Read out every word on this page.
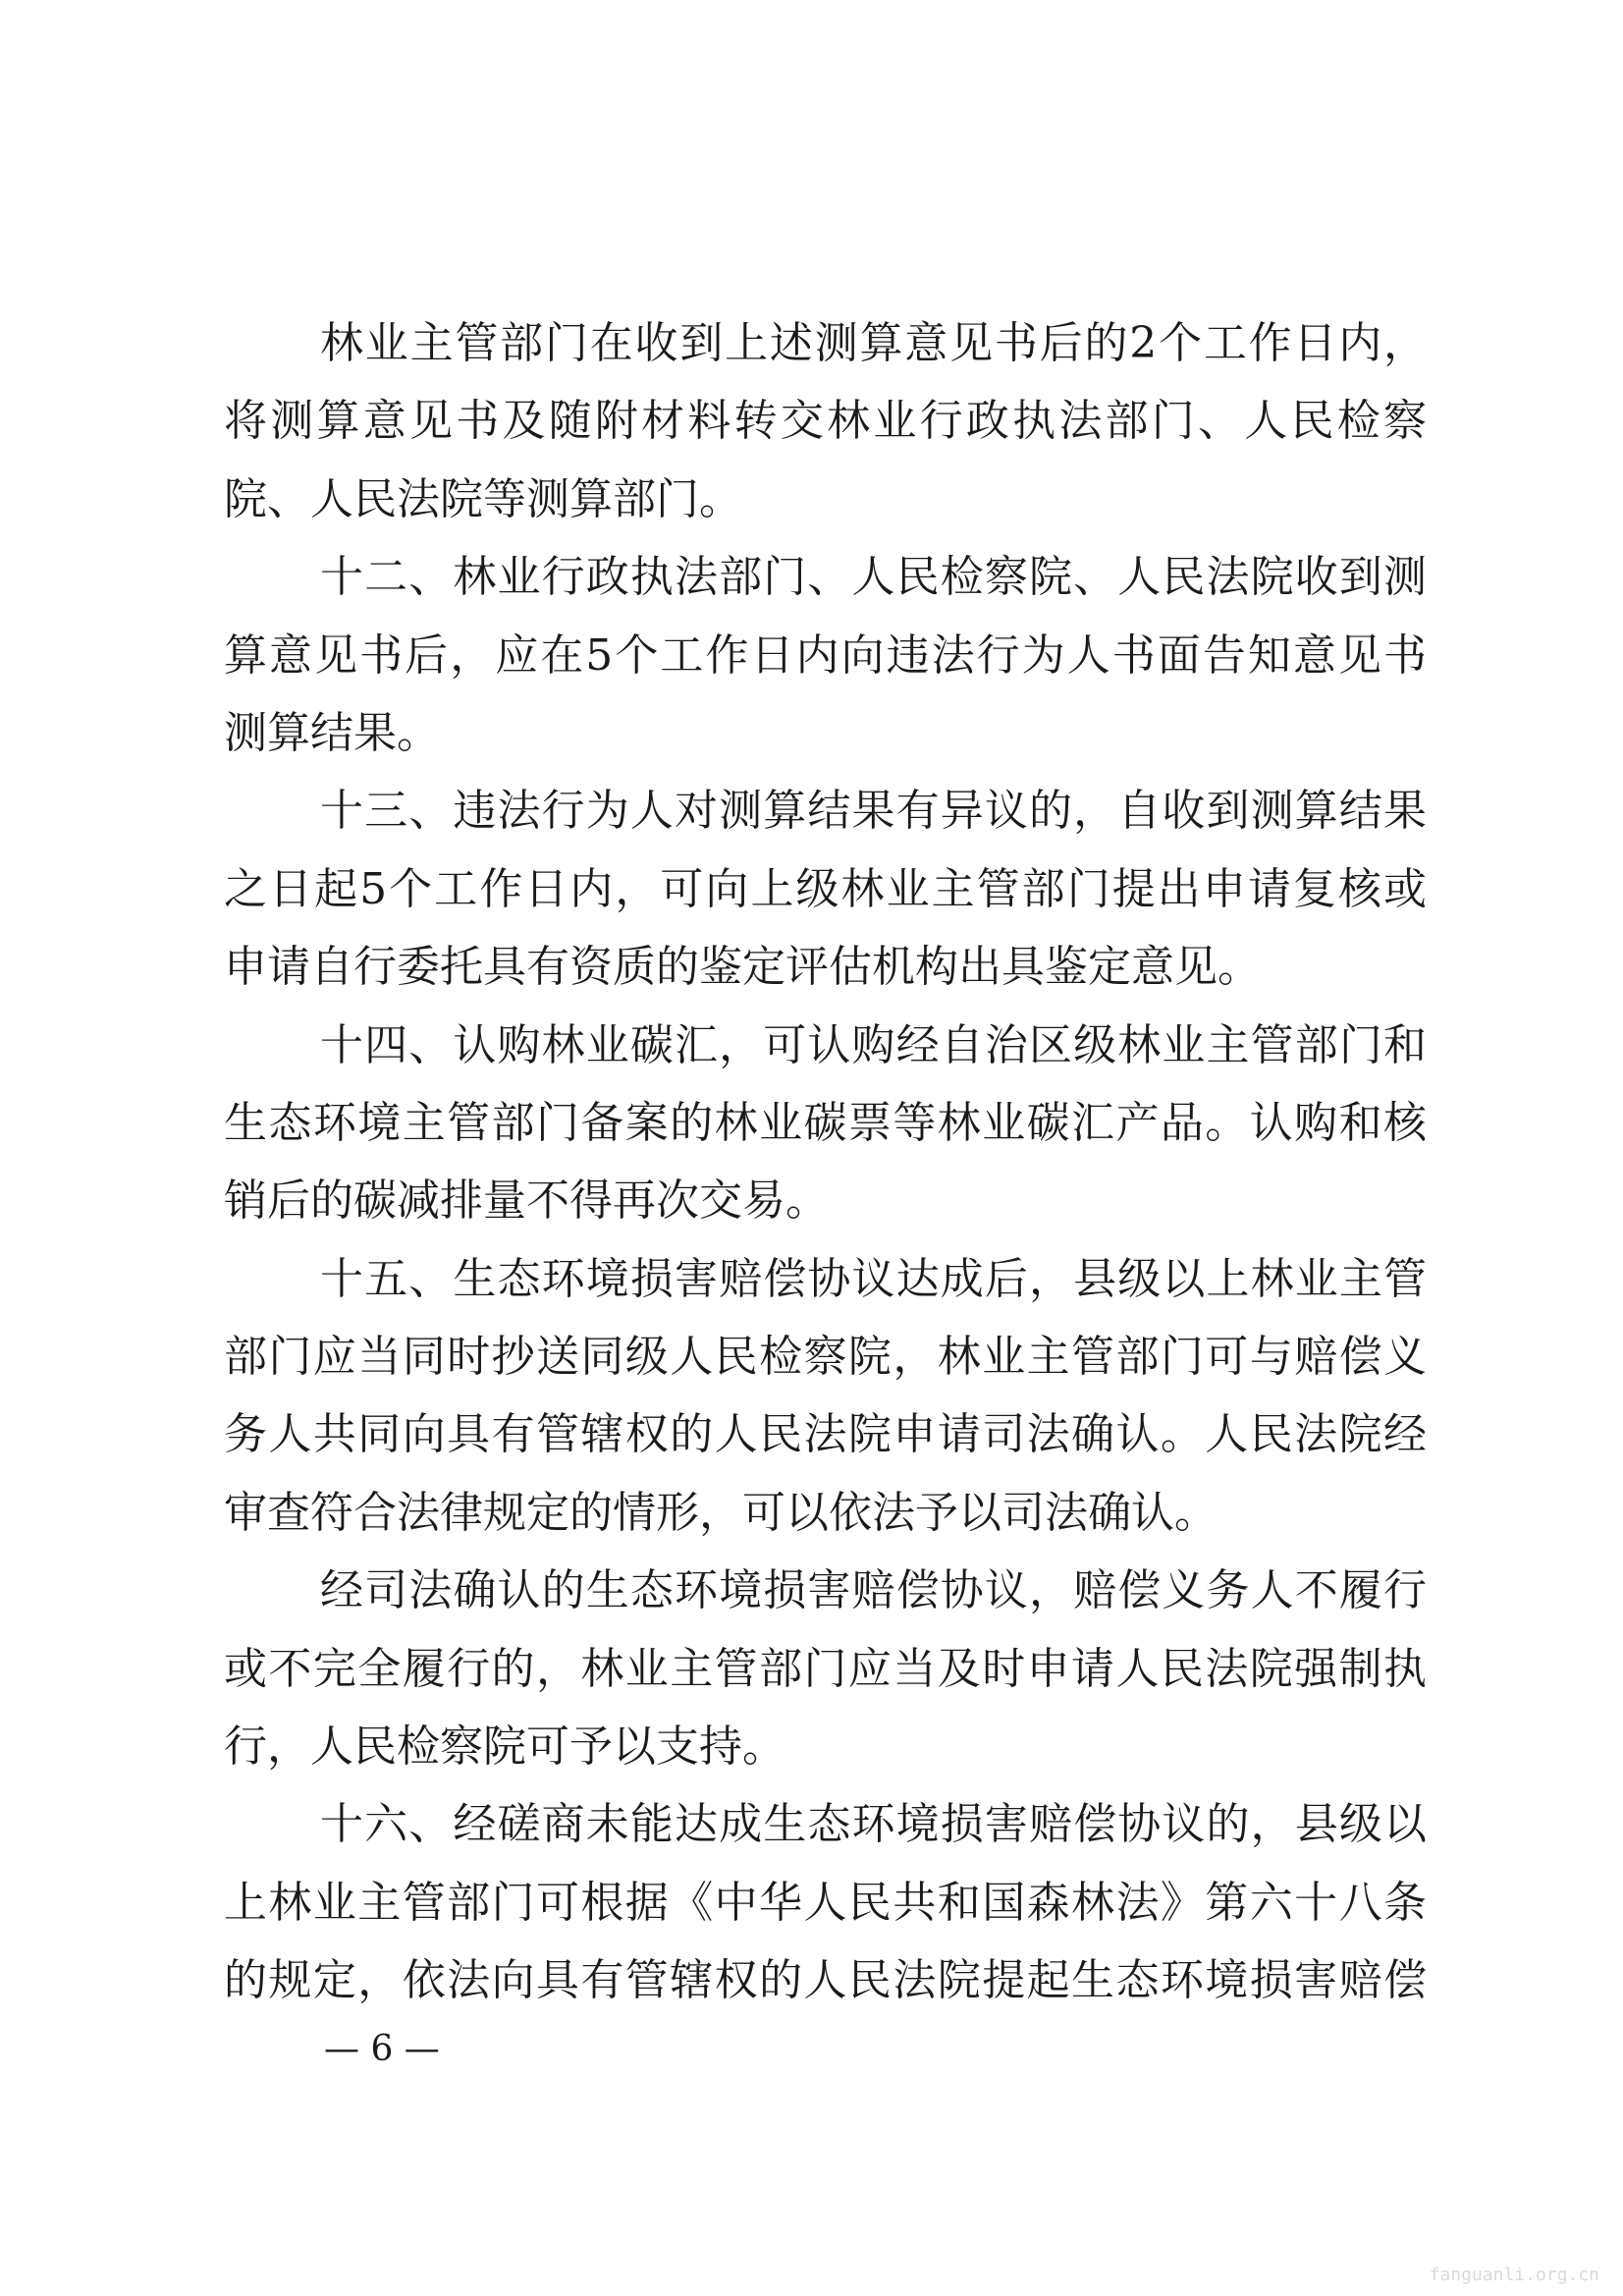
林业主管部门在收到上述测算意见书后的2个工作日内，
将测算意见书及随附材料转交林业行政执法部门、人民检察
院、人民法院等测算部门。
十二、林业行政执法部门、人民检察院、人民法院收到测
算意见书后，应在5个工作日内向违法行为人书面告知意见书
测算结果。
十三、违法行为人对测算结果有异议的，自收到测算结果
之日起5个工作日内，可向上级林业主管部门提出申请复核或
申请自行委托具有资质的鉴定评估机构出具鉴定意见。
十四、认购林业碳汇，可认购经自治区级林业主管部门和
生态环境主管部门备案的林业碳票等林业碳汇产品。认购和核
销后的碳减排量不得再次交易。
十五、生态环境损害赔偿协议达成后，县级以上林业主管
部门应当同时抄送同级人民检察院，林业主管部门可与赔偿义
务人共同向具有管辖权的人民法院申请司法确认。人民法院经
审查符合法律规定的情形，可以依法予以司法确认。
经司法确认的生态环境损害赔偿协议，赔偿义务人不履行
或不完全履行的，林业主管部门应当及时申请人民法院强制执
行，人民检察院可予以支持。
十六、经磋商未能达成生态环境损害赔偿协议的，县级以
上林业主管部门可根据《中华人民共和国森林法》第六十八条
的规定，依法向具有管辖权的人民法院提起生态环境损害赔偿
— 6 —
fanguanli.org.cn
